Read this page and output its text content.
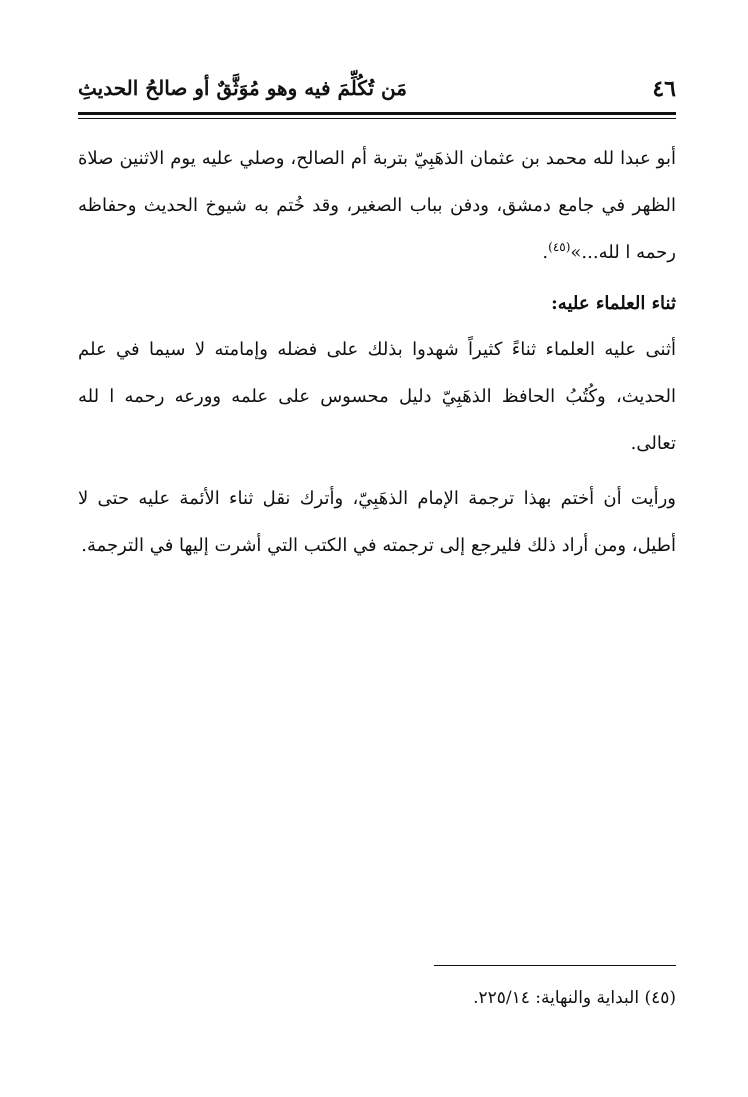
٤٦
مَن تُكُلِّمَ فيه وهو مُوَثَّقٌ أو صالحُ الحديثِ

أبو عبدا لله محمد بن عثمان الذهَبِيّ بتربة أم الصالح، وصلي عليه يوم الاثنين صلاة الظهر في جامع دمشق، ودفن بباب الصغير، وقد خُتم به شيوخ الحديث وحفاظه رحمه ا لله...»$^{(٤٥)}$.

ثناء العلماء عليه:

أثنى عليه العلماء ثناءً كثيراً شهدوا بذلك على فضله وإمامته لا سيما في علم الحديث، وكُتُبُ الحافظ الذهَبِيّ دليل محسوس على علمه وورعه رحمه ا لله تعالى.

ورأيت أن أختم بهذا ترجمة الإمام الذهَبِيّ، وأترك نقل ثناء الأئمة عليه حتى لا أطيل، ومن أراد ذلك فليرجع إلى ترجمته في الكتب التي أشرت إليها في الترجمة.

(٤٥) البداية والنهاية: ٢٢٥/١٤.
